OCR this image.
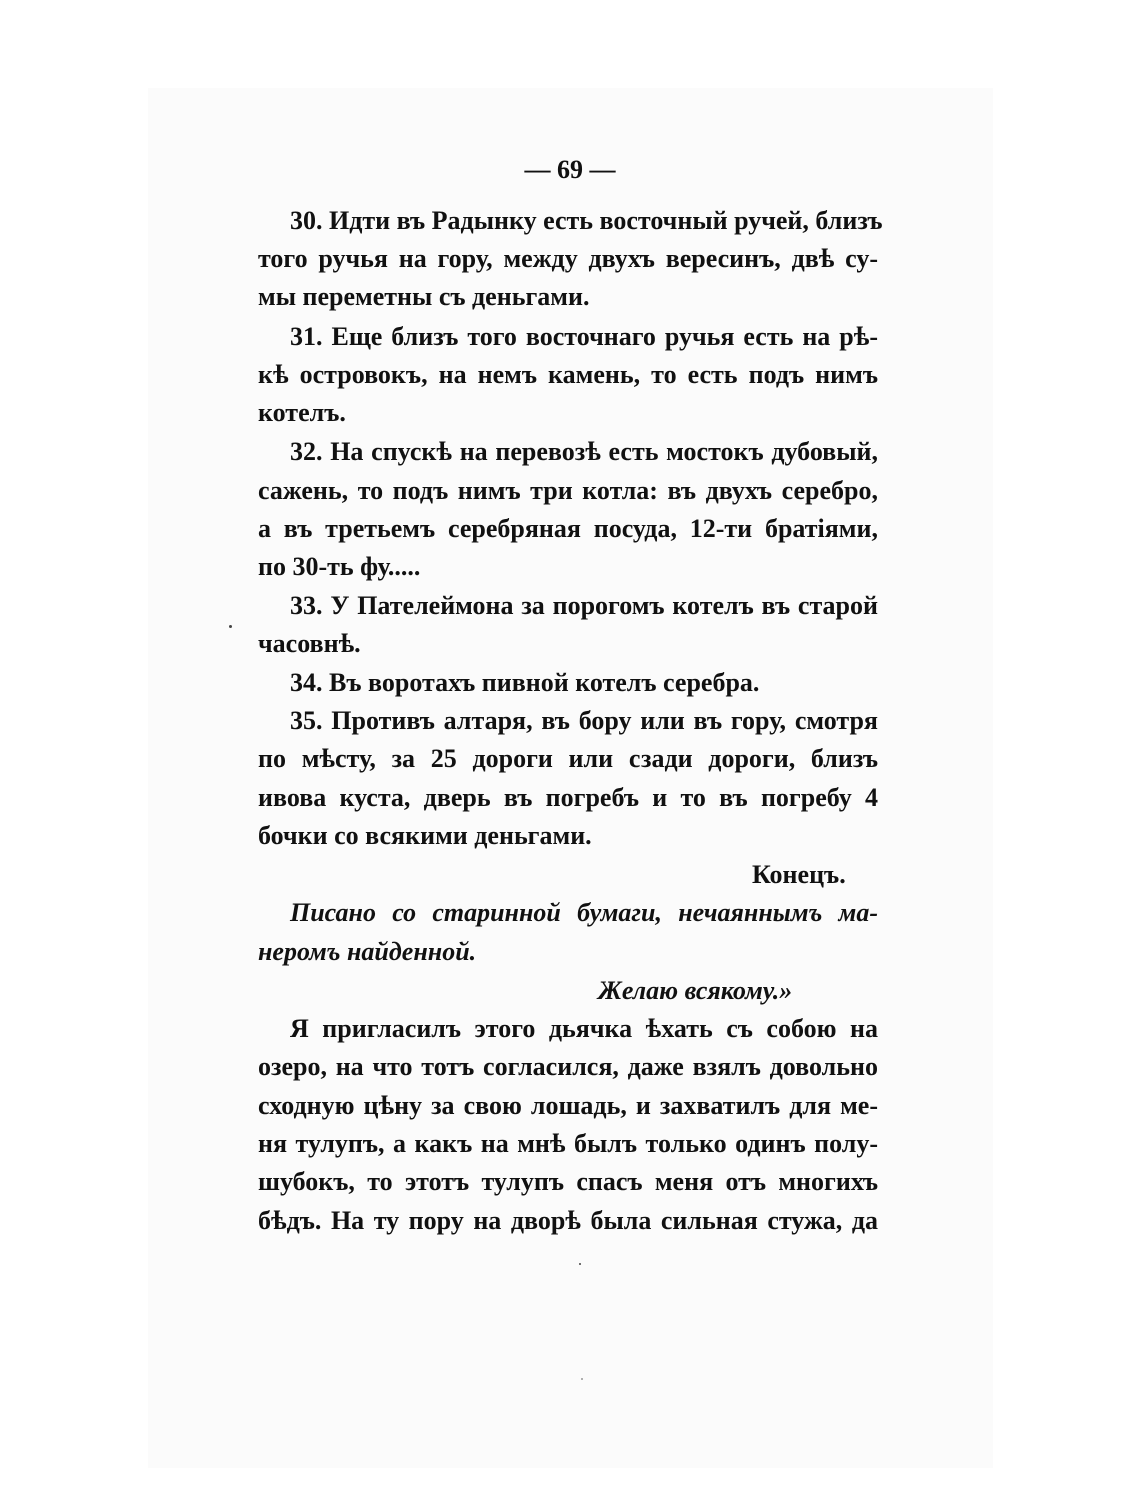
— 69 —
30. Идти въ Радынку есть восточный ручей, близъ
того ручья на гору, между двухъ вересинъ, двѣ су-
мы переметны съ деньгами.
31. Еще близъ того восточнаго ручья есть на рѣ-
кѣ островокъ, на немъ камень, то есть подъ нимъ
котелъ.
32. На спускѣ на перевозѣ есть мостокъ дубовый,
сажень, то подъ нимъ три котла: въ двухъ серебро,
а въ третьемъ серебряная посуда, 12-ти братіями,
по 30-ть фу.....
33. У Пателеймона за порогомъ котелъ въ старой
часовнѣ.
34. Въ воротахъ пивной котелъ серебра.
35. Противъ алтаря, въ бору или въ гору, смотря
по мѣсту, за 25 дороги или сзади дороги, близъ
ивова куста, дверь въ погребъ и то въ погребу 4
бочки со всякими деньгами.
Конецъ.
Писано со старинной бумаги, нечаяннымъ ма-
неромъ найденной.
Желаю всякому.»
Я пригласилъ этого дьячка ѣхать съ собою на
озеро, на что тотъ согласился, даже взялъ довольно
сходную цѣну за свою лошадь, и захватилъ для ме-
ня тулупъ, а какъ на мнѣ былъ только одинъ полу-
шубокъ, то этотъ тулупъ спасъ меня отъ многихъ
бѣдъ. На ту пору на дворѣ была сильная стужа, да
